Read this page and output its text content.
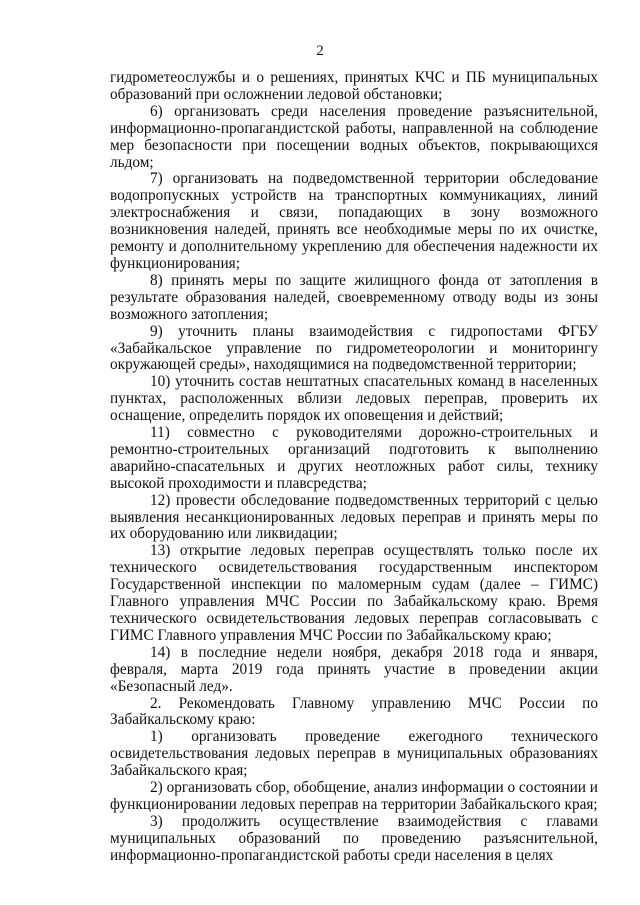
2

гидрометеослужбы и о решениях, принятых КЧС и ПБ муниципальных образований при осложнении ледовой обстановки;

6) организовать среди населения проведение разъяснительной, информационно-пропагандистской работы, направленной на соблюдение мер безопасности при посещении водных объектов, покрывающихся льдом;

7) организовать на подведомственной территории обследование водопропускных устройств на транспортных коммуникациях, линий электроснабжения и связи, попадающих в зону возможного возникновения наледей, принять все необходимые меры по их очистке, ремонту и дополнительному укреплению для обеспечения надежности их функционирования;

8) принять меры по защите жилищного фонда от затопления в результате образования наледей, своевременному отводу воды из зоны возможного затопления;

9) уточнить планы взаимодействия с гидропостами ФГБУ «Забайкальское управление по гидрометеорологии и мониторингу окружающей среды», находящимися на подведомственной территории;

10) уточнить состав нештатных спасательных команд в населенных пунктах, расположенных вблизи ледовых переправ, проверить их оснащение, определить порядок их оповещения и действий;

11) совместно с руководителями дорожно-строительных и ремонтно-строительных организаций подготовить к выполнению аварийно-спасательных и других неотложных работ силы, технику высокой проходимости и плавсредства;

12) провести обследование подведомственных территорий с целью выявления несанкционированных ледовых переправ и принять меры по их оборудованию или ликвидации;

13) открытие ледовых переправ осуществлять только после их технического освидетельствования государственным инспектором Государственной инспекции по маломерным судам (далее – ГИМС) Главного управления МЧС России по Забайкальскому краю. Время технического освидетельствования ледовых переправ согласовывать с ГИМС Главного управления МЧС России по Забайкальскому краю;

14) в последние недели ноября, декабря 2018 года и января, февраля, марта 2019 года принять участие в проведении акции «Безопасный лед».

2. Рекомендовать Главному управлению МЧС России по Забайкальскому краю:

1) организовать проведение ежегодного технического освидетельствования ледовых переправ в муниципальных образованиях Забайкальского края;

2) организовать сбор, обобщение, анализ информации о состоянии и функционировании ледовых переправ на территории Забайкальского края;

3) продолжить осуществление взаимодействия с главами муниципальных образований по проведению разъяснительной, информационно-пропагандистской работы среди населения в целях
